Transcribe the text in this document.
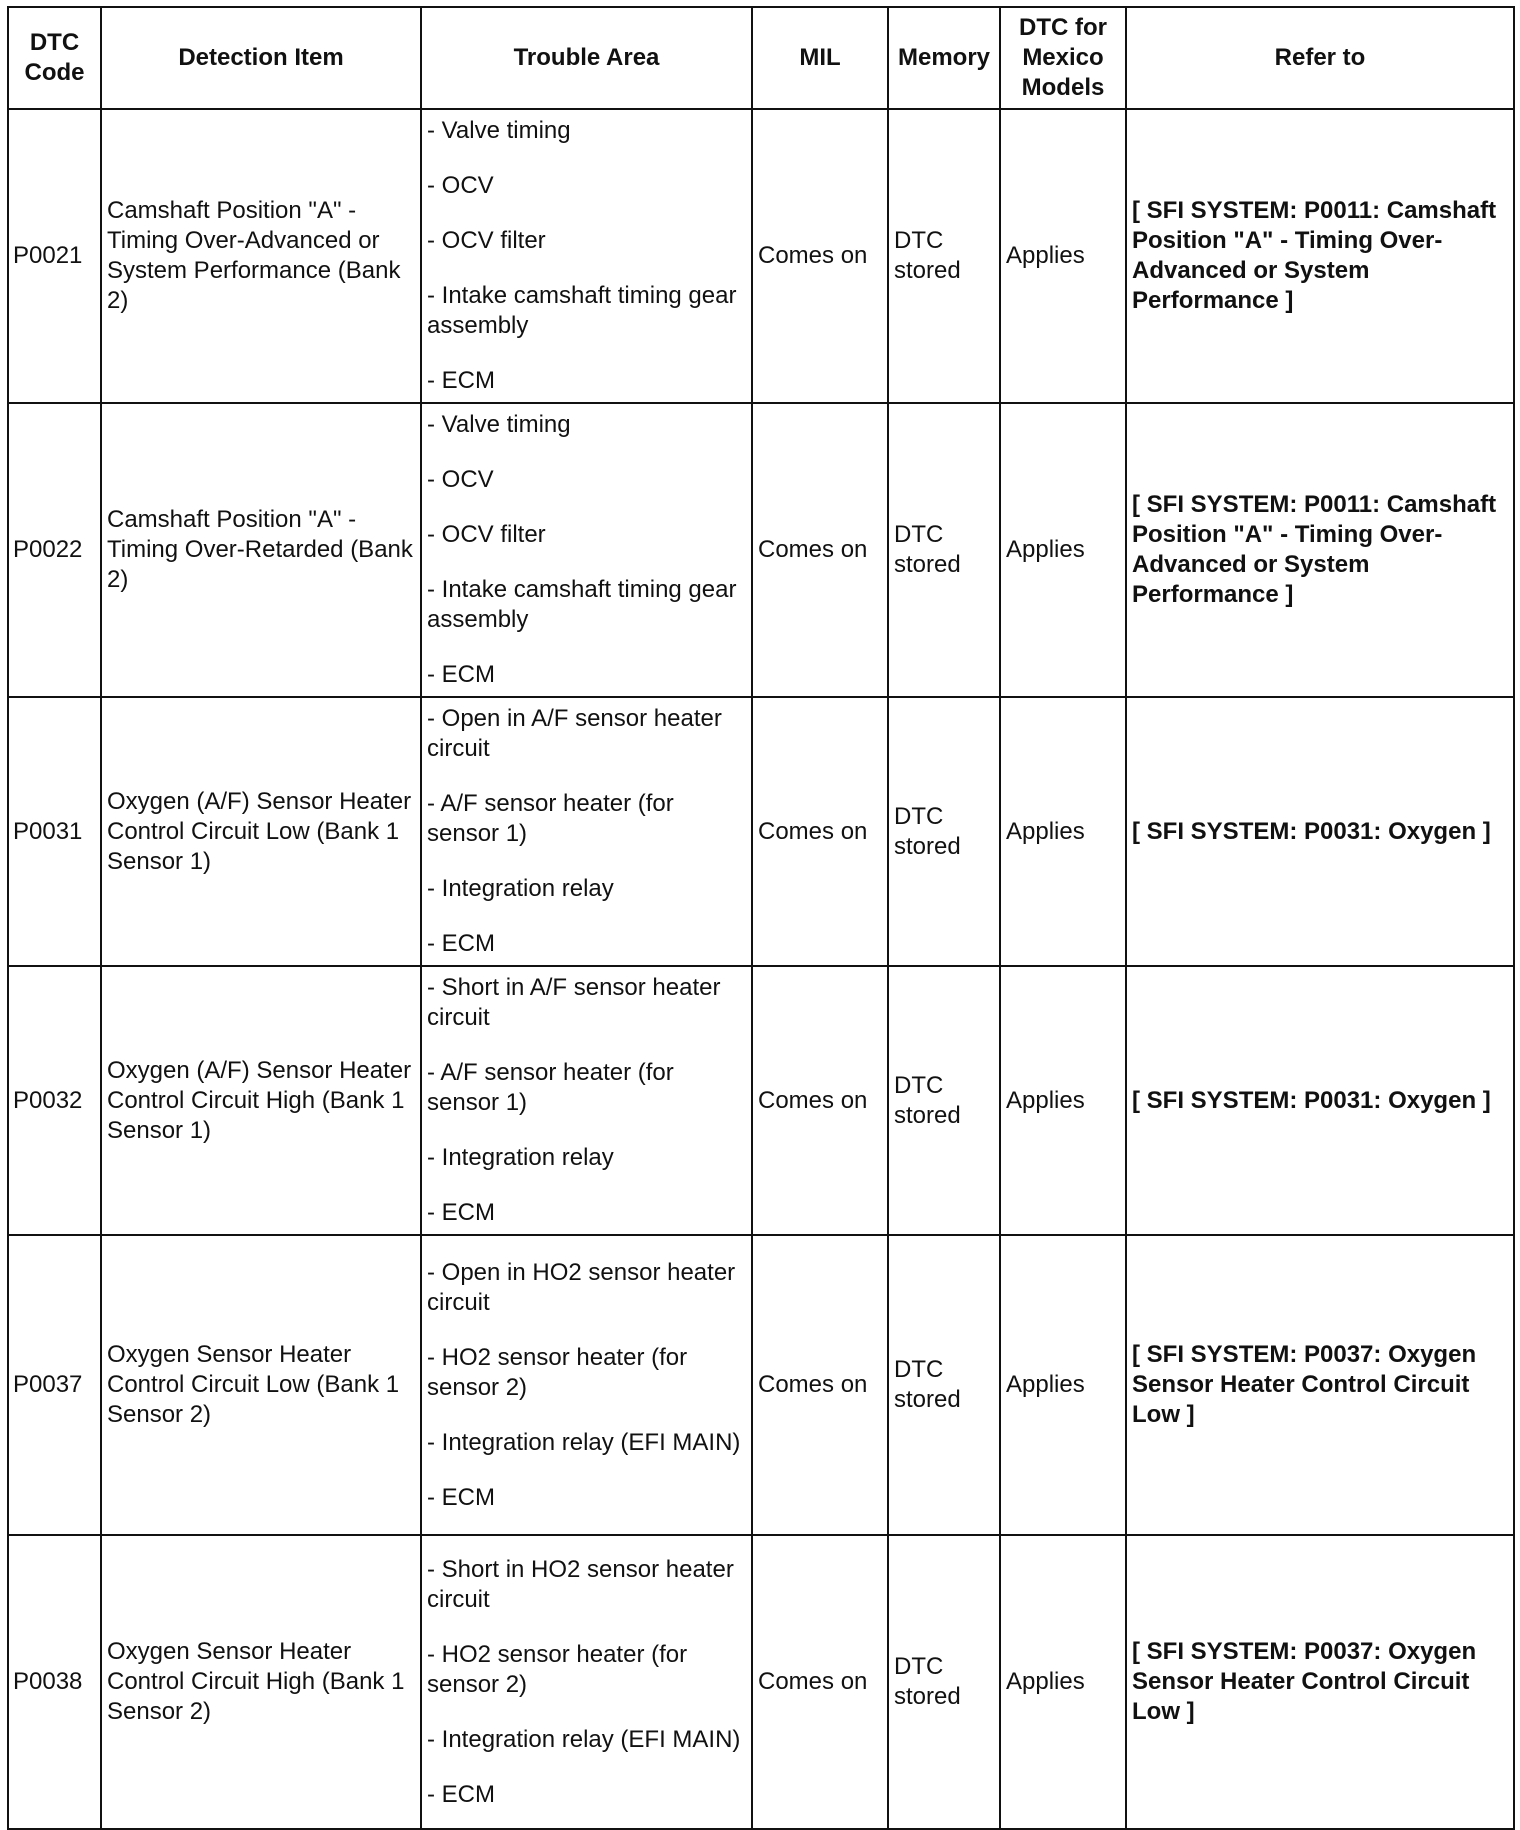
DTC Code	Detection Item	Trouble Area	MIL	Memory	DTC for Mexico Models	Refer to
P0021	Camshaft Position "A" - Timing Over-Advanced or System Performance (Bank 2)	- Valve timing
- OCV
- OCV filter
- Intake camshaft timing gear assembly
- ECM	Comes on	DTC stored	Applies	[ SFI SYSTEM: P0011: Camshaft Position "A" - Timing Over-Advanced or System Performance ]
P0022	Camshaft Position "A" - Timing Over-Retarded (Bank 2)	- Valve timing
- OCV
- OCV filter
- Intake camshaft timing gear assembly
- ECM	Comes on	DTC stored	Applies	[ SFI SYSTEM: P0011: Camshaft Position "A" - Timing Over-Advanced or System Performance ]
P0031	Oxygen (A/F) Sensor Heater Control Circuit Low (Bank 1 Sensor 1)	- Open in A/F sensor heater circuit
- A/F sensor heater (for sensor 1)
- Integration relay
- ECM	Comes on	DTC stored	Applies	[ SFI SYSTEM: P0031: Oxygen ]
P0032	Oxygen (A/F) Sensor Heater Control Circuit High (Bank 1 Sensor 1)	- Short in A/F sensor heater circuit
- A/F sensor heater (for sensor 1)
- Integration relay
- ECM	Comes on	DTC stored	Applies	[ SFI SYSTEM: P0031: Oxygen ]
P0037	Oxygen Sensor Heater Control Circuit Low (Bank 1 Sensor 2)	- Open in HO2 sensor heater circuit
- HO2 sensor heater (for sensor 2)
- Integration relay (EFI MAIN)
- ECM	Comes on	DTC stored	Applies	[ SFI SYSTEM: P0037: Oxygen Sensor Heater Control Circuit Low ]
P0038	Oxygen Sensor Heater Control Circuit High (Bank 1 Sensor 2)	- Short in HO2 sensor heater circuit
- HO2 sensor heater (for sensor 2)
- Integration relay (EFI MAIN)
- ECM	Comes on	DTC stored	Applies	[ SFI SYSTEM: P0037: Oxygen Sensor Heater Control Circuit Low ]
